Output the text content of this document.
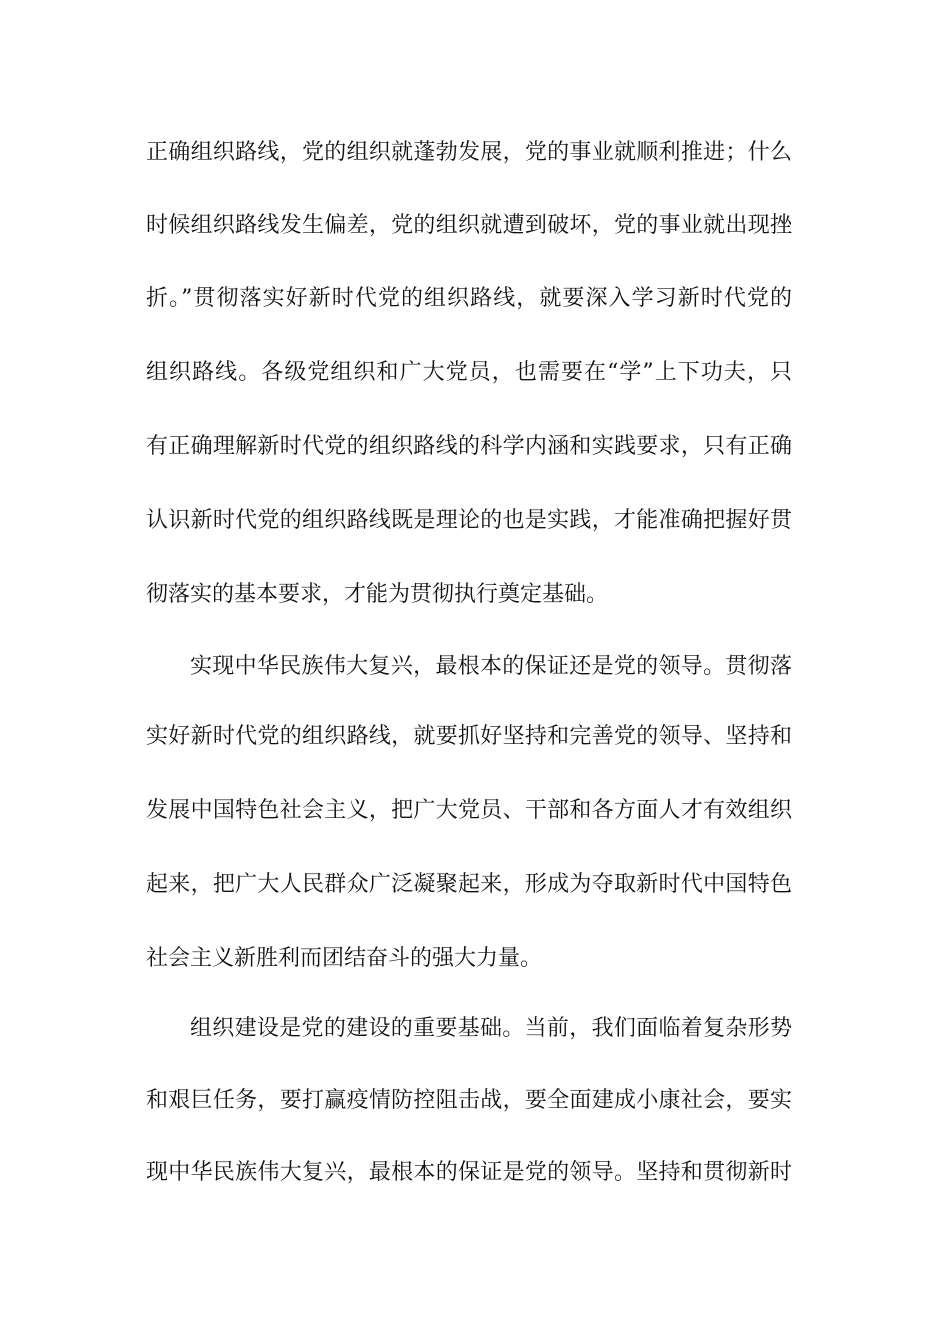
正确组织路线，党的组织就蓬勃发展，党的事业就顺利推进；什么
时候组织路线发生偏差，党的组织就遭到破坏，党的事业就出现挫
折。”贯彻落实好新时代党的组织路线，就要深入学习新时代党的
组织路线。各级党组织和广大党员，也需要在“学”上下功夫，只
有正确理解新时代党的组织路线的科学内涵和实践要求，只有正确
认识新时代党的组织路线既是理论的也是实践，才能准确把握好贯
彻落实的基本要求，才能为贯彻执行奠定基础。
实现中华民族伟大复兴，最根本的保证还是党的领导。贯彻落
实好新时代党的组织路线，就要抓好坚持和完善党的领导、坚持和
发展中国特色社会主义，把广大党员、干部和各方面人才有效组织
起来，把广大人民群众广泛凝聚起来，形成为夺取新时代中国特色
社会主义新胜利而团结奋斗的强大力量。
组织建设是党的建设的重要基础。当前，我们面临着复杂形势
和艰巨任务，要打赢疫情防控阻击战，要全面建成小康社会，要实
现中华民族伟大复兴，最根本的保证是党的领导。坚持和贯彻新时
